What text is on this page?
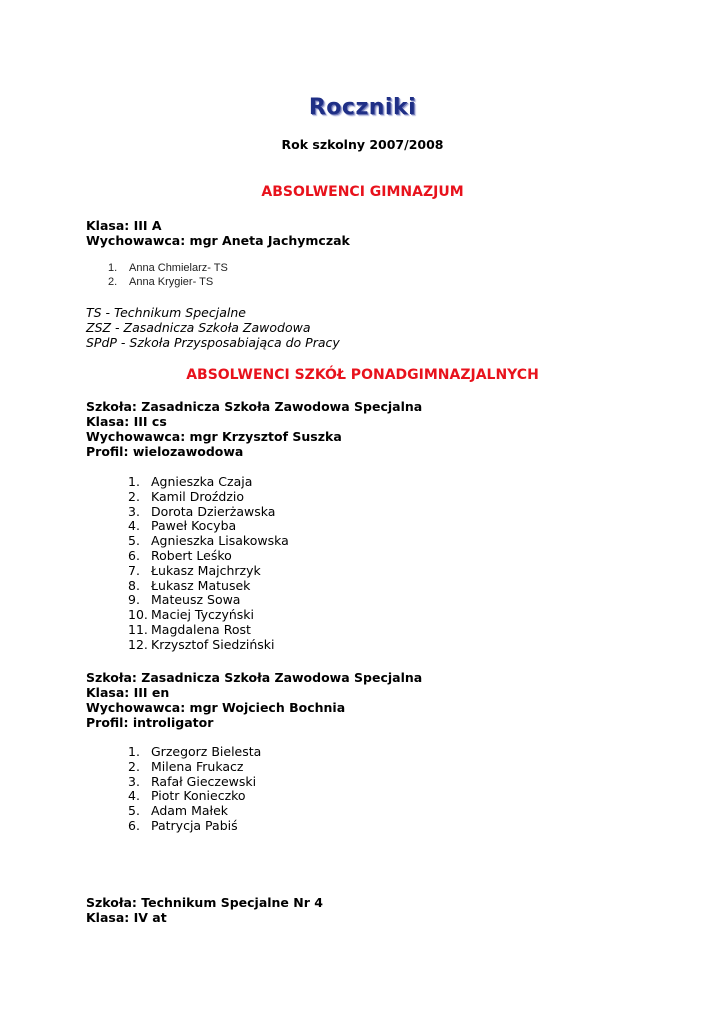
Roczniki
Rok szkolny 2007/2008
ABSOLWENCI GIMNAZJUM
Klasa: III A
Wychowawca: mgr Aneta Jachymczak
1. Anna Chmielarz- TS
2. Anna Krygier- TS
TS - Technikum Specjalne
ZSZ - Zasadnicza Szkoła Zawodowa
SPdP - Szkoła Przysposabiająca do Pracy
ABSOLWENCI SZKÓŁ PONADGIMNAZJALNYCH
Szkoła: Zasadnicza Szkoła Zawodowa Specjalna
Klasa: III cs
Wychowawca: mgr Krzysztof Suszka
Profil: wielozawodowa
1. Agnieszka Czaja
2. Kamil Droździo
3. Dorota Dzierżawska
4. Paweł Kocyba
5. Agnieszka Lisakowska
6. Robert Leśko
7. Łukasz Majchrzyk
8. Łukasz Matusek
9. Mateusz Sowa
10. Maciej Tyczyński
11. Magdalena Rost
12. Krzysztof Siedziński
Szkoła: Zasadnicza Szkoła Zawodowa Specjalna
Klasa: III en
Wychowawca: mgr Wojciech Bochnia
Profil: introligator
1. Grzegorz Bielesta
2. Milena Frukacz
3. Rafał Gieczewski
4. Piotr Konieczko
5. Adam Małek
6. Patrycja Pabiś
Szkoła: Technikum Specjalne Nr 4
Klasa: IV at
